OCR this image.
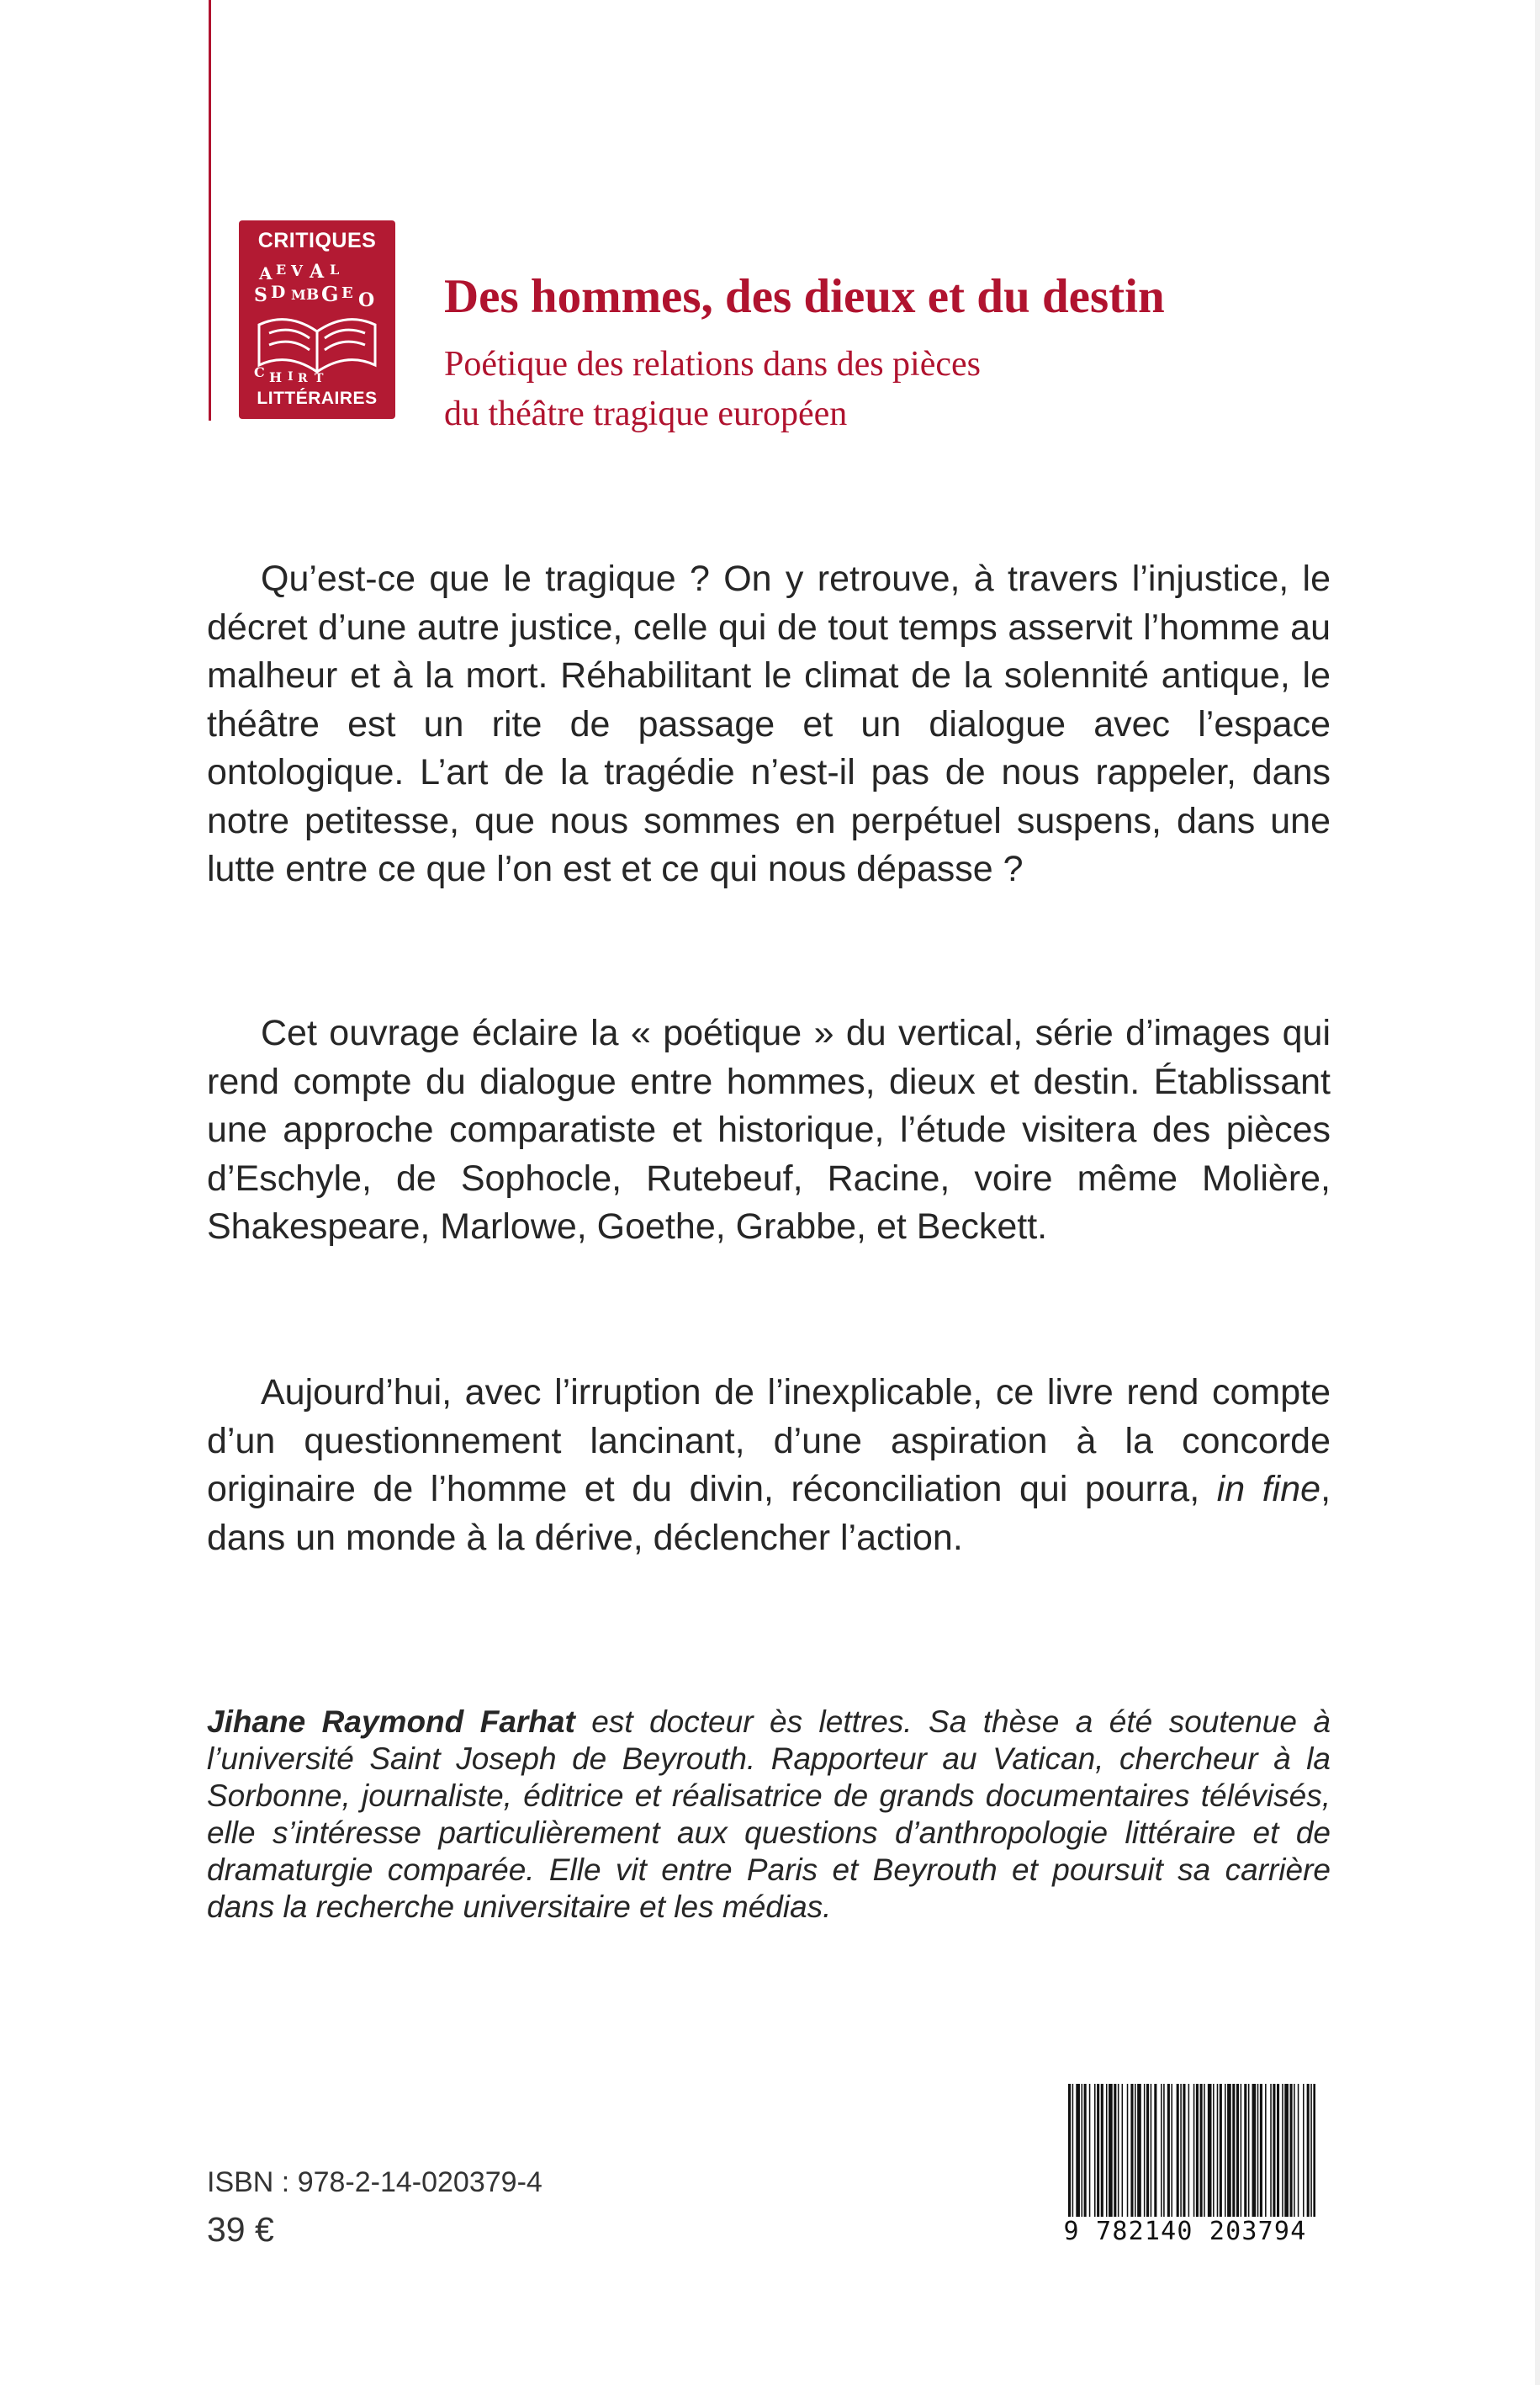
CRITIQUES
A E V A L
S D M B G E O
C H I R T
LITTÉRAIRES
Des hommes, des dieux et du destin

Poétique des relations dans des pièces
du théâtre tragique européen

Qu’est-ce que le tragique ? On y retrouve, à travers l’injustice, le décret d’une autre justice, celle qui de tout temps asservit l’homme au malheur et à la mort. Réhabilitant le climat de la solennité antique, le théâtre est un rite de passage et un dialogue avec l’espace ontologique. L’art de la tragédie n’est-il pas de nous rappeler, dans notre petitesse, que nous sommes en perpétuel suspens, dans une lutte entre ce que l’on est et ce qui nous dépasse ?

Cet ouvrage éclaire la « poétique » du vertical, série d’images qui rend compte du dialogue entre hommes, dieux et destin. Établissant une approche comparatiste et historique, l’étude visitera des pièces d’Eschyle, de Sophocle, Rutebeuf, Racine, voire même Molière, Shakespeare, Marlowe, Goethe, Grabbe, et Beckett.

Aujourd’hui, avec l’irruption de l’inexplicable, ce livre rend compte d’un questionnement lancinant, d’une aspiration à la concorde originaire de l’homme et du divin, réconciliation qui pourra, in fine, dans un monde à la dérive, déclencher l’action.

Jihane Raymond Farhat est docteur ès lettres. Sa thèse a été soutenue à l’université Saint Joseph de Beyrouth. Rapporteur au Vatican, chercheur à la Sorbonne, journaliste, éditrice et réalisatrice de grands documentaires télévisés, elle s’intéresse particulièrement aux questions d’anthropologie littéraire et de dramaturgie comparée. Elle vit entre Paris et Beyrouth et poursuit sa carrière dans la recherche universitaire et les médias.

ISBN : 978-2-14-020379-4
39 €	9 782140 203794
